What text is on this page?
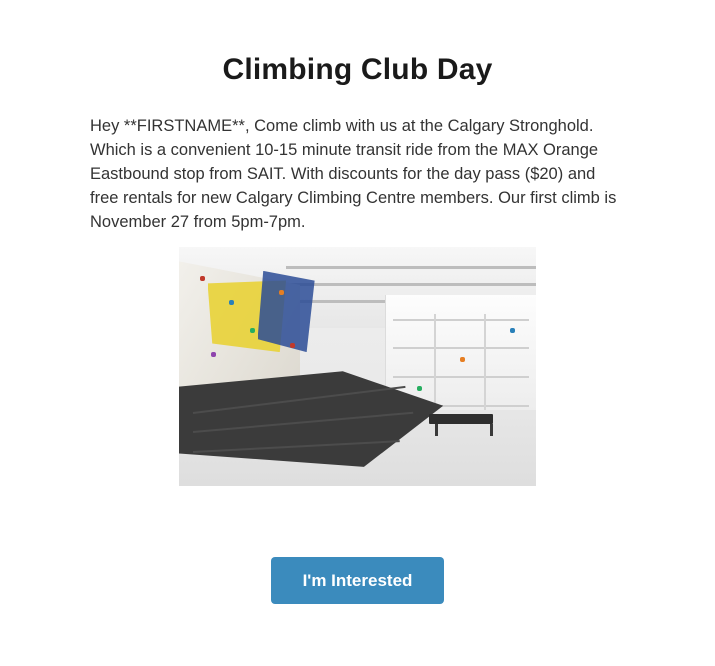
Climbing Club Day

Hey **FIRSTNAME**, Come climb with us at the Calgary Stronghold. Which is a convenient 10-15 minute transit ride from the MAX Orange Eastbound stop from SAIT. With discounts for the day pass ($20) and free rentals for new Calgary Climbing Centre members. Our first climb is November 27 from 5pm-7pm.

I'm Interested
